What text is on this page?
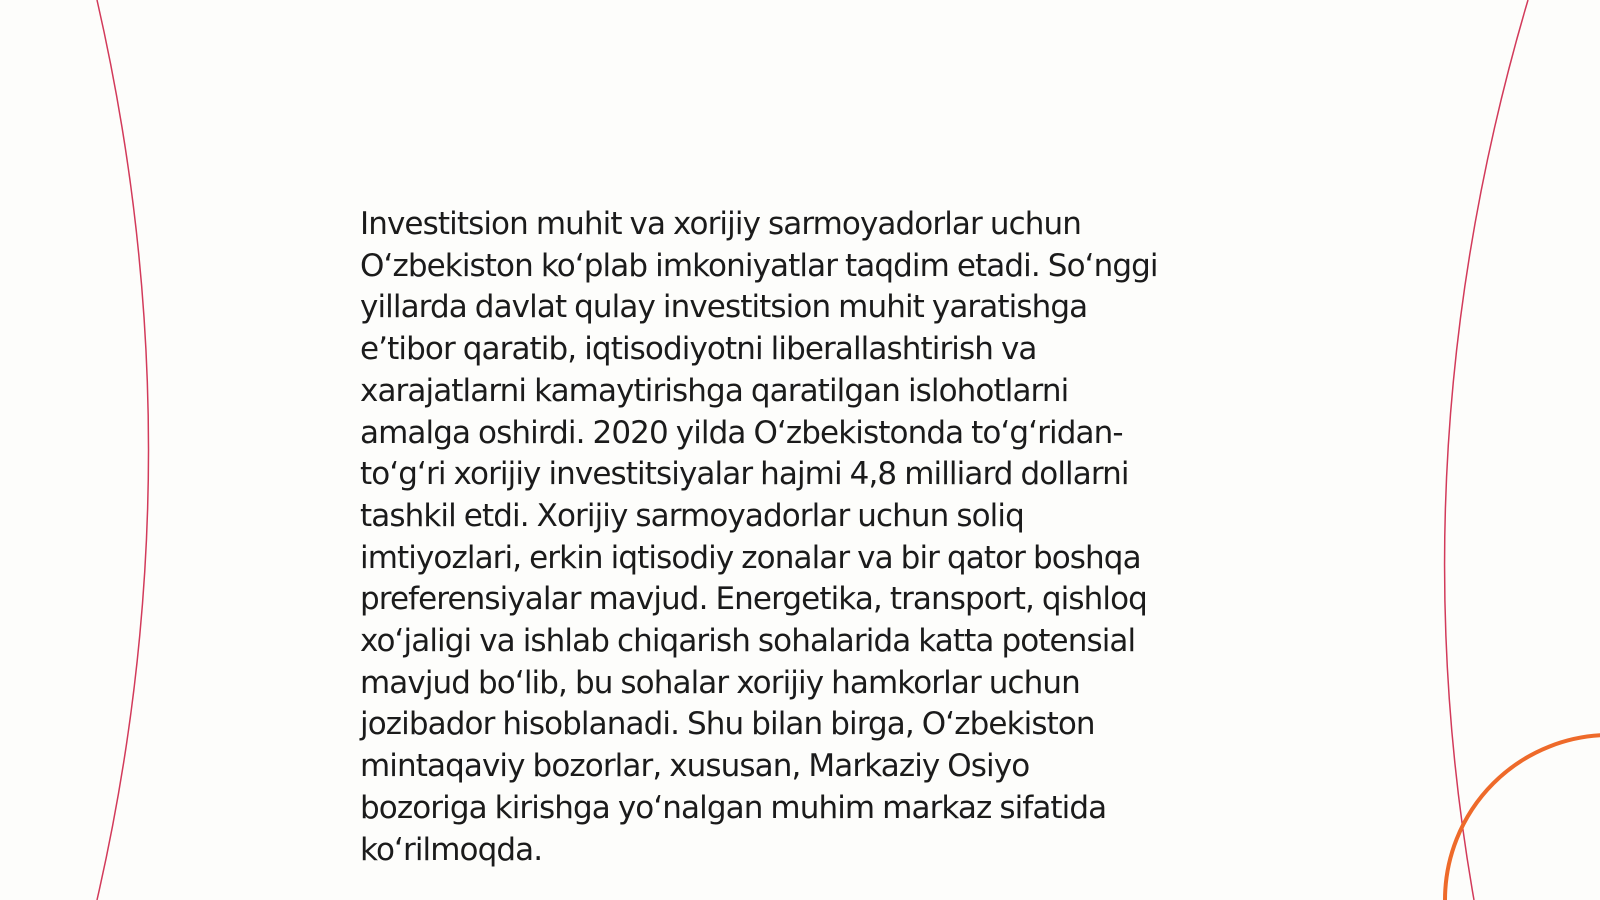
Investitsion muhit va xorijiy sarmoyadorlar uchun
O‘zbekiston ko‘plab imkoniyatlar taqdim etadi. So‘nggi
yillarda davlat qulay investitsion muhit yaratishga
e’tibor qaratib, iqtisodiyotni liberallashtirish va
xarajatlarni kamaytirishga qaratilgan islohotlarni
amalga oshirdi. 2020 yilda O‘zbekistonda to‘g‘ridan-
to‘g‘ri xorijiy investitsiyalar hajmi 4,8 milliard dollarni
tashkil etdi. Xorijiy sarmoyadorlar uchun soliq
imtiyozlari, erkin iqtisodiy zonalar va bir qator boshqa
preferensiyalar mavjud. Energetika, transport, qishloq
xo‘jaligi va ishlab chiqarish sohalarida katta potensial
mavjud bo‘lib, bu sohalar xorijiy hamkorlar uchun
jozibador hisoblanadi. Shu bilan birga, O‘zbekiston
mintaqaviy bozorlar, xususan, Markaziy Osiyo
bozoriga kirishga yo‘nalgan muhim markaz sifatida
ko‘rilmoqda.
